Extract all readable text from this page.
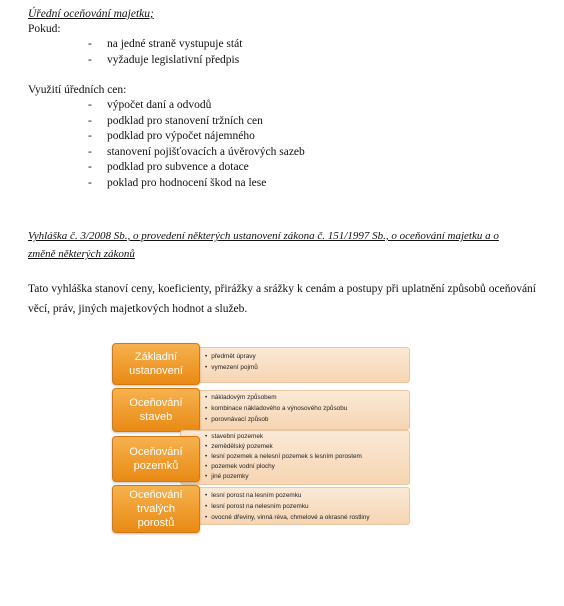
Úřední oceňování majetku;
Pokud:
- na jedné straně vystupuje stát
- vyžaduje legislativní předpis
Využití úředních cen:
- výpočet daní a odvodů
- podklad pro stanovení tržních cen
- podklad pro výpočet nájemného
- stanovení pojišťovacích a úvěrových sazeb
- podklad pro subvence a dotace
- poklad pro hodnocení škod na lese
Vyhláška č. 3/2008 Sb., o provedení některých ustanovení zákona č. 151/1997 Sb., o oceňování majetku a o
změně některých zákonů
Tato vyhláška stanoví ceny, koeficienty, přirážky a srážky k cenám a postupy při uplatnění způsobů oceňování věcí, práv, jiných majetkových hodnot a služeb.
Základní
ustanovení
• předmět úpravy
• vymezení pojmů
Oceňování
staveb
• nákladovým způsobem
• kombinace nákladového a výnosového způsobu
• porovnávací způsob
Oceňování
pozemků
• stavební pozemek
• zemědělský pozemek
• lesní pozemek a nelesní pozemek s lesním porostem
• pozemek vodní plochy
• jiné pozemky
Oceňování
trvalých
porostů
• lesní porost na lesním pozemku
• lesní porost na nelesním pozemku
• ovocné dřeviny, vinná réva, chmelové a okrasné rostliny
